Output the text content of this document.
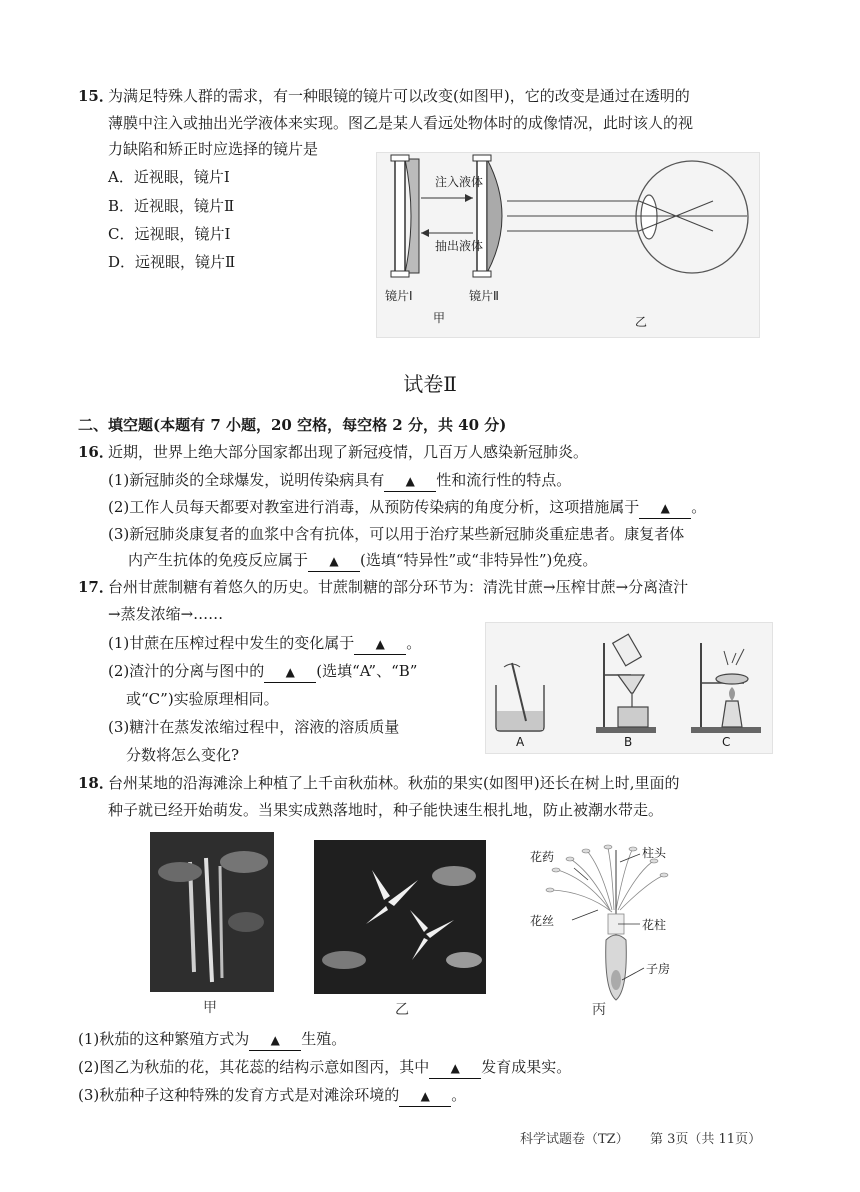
15．
为满足特殊人群的需求，有一种眼镜的镜片可以改变(如图甲)，它的改变是通过在透明的
薄膜中注入或抽出光学液体来实现。图乙是某人看远处物体时的成像情况，此时该人的视
力缺陷和矫正时应选择的镜片是
A．近视眼，镜片Ⅰ
B．近视眼，镜片Ⅱ
C．远视眼，镜片Ⅰ
D．远视眼，镜片Ⅱ
注入液体
抽出液体
镜片Ⅰ	镜片Ⅱ
甲	乙
试卷Ⅱ
二、填空题(本题有 7 小题，20 空格，每空格 2 分，共 40 分)
16．
近期，世界上绝大部分国家都出现了新冠疫情，几百万人感染新冠肺炎。
(1)新冠肺炎的全球爆发，说明传染病具有 ▲ 性和流行性的特点。
(2)工作人员每天都要对教室进行消毒，从预防传染病的角度分析，这项措施属于 ▲ 。
(3)新冠肺炎康复者的血浆中含有抗体，可以用于治疗某些新冠肺炎重症患者。康复者体
内产生抗体的免疫反应属于 ▲ (选填“特异性”或“非特异性”)免疫。
17．
台州甘蔗制糖有着悠久的历史。甘蔗制糖的部分环节为：清洗甘蔗→压榨甘蔗→分离渣汁
→蒸发浓缩→……
(1)甘蔗在压榨过程中发生的变化属于 ▲ 。
(2)渣汁的分离与图中的 ▲ (选填“A”、“B”
或“C”)实验原理相同。
(3)糖汁在蒸发浓缩过程中，溶液的溶质质量
分数将怎么变化?
A	B	C
18．
台州某地的沿海滩涂上种植了上千亩秋茄林。秋茄的果实(如图甲)还长在树上时,里面的
种子就已经开始萌发。当果实成熟落地时，种子能快速生根扎地，防止被潮水带走。
甲	乙
花药	柱头
花丝	花柱
子房
丙
(1)秋茄的这种繁殖方式为 ▲ 生殖。
(2)图乙为秋茄的花，其花蕊的结构示意如图丙，其中 ▲ 发育成果实。
(3)秋茄种子这种特殊的发育方式是对滩涂环境的 ▲ 。
科学试题卷（TZ） 第 3页（共 11页）
